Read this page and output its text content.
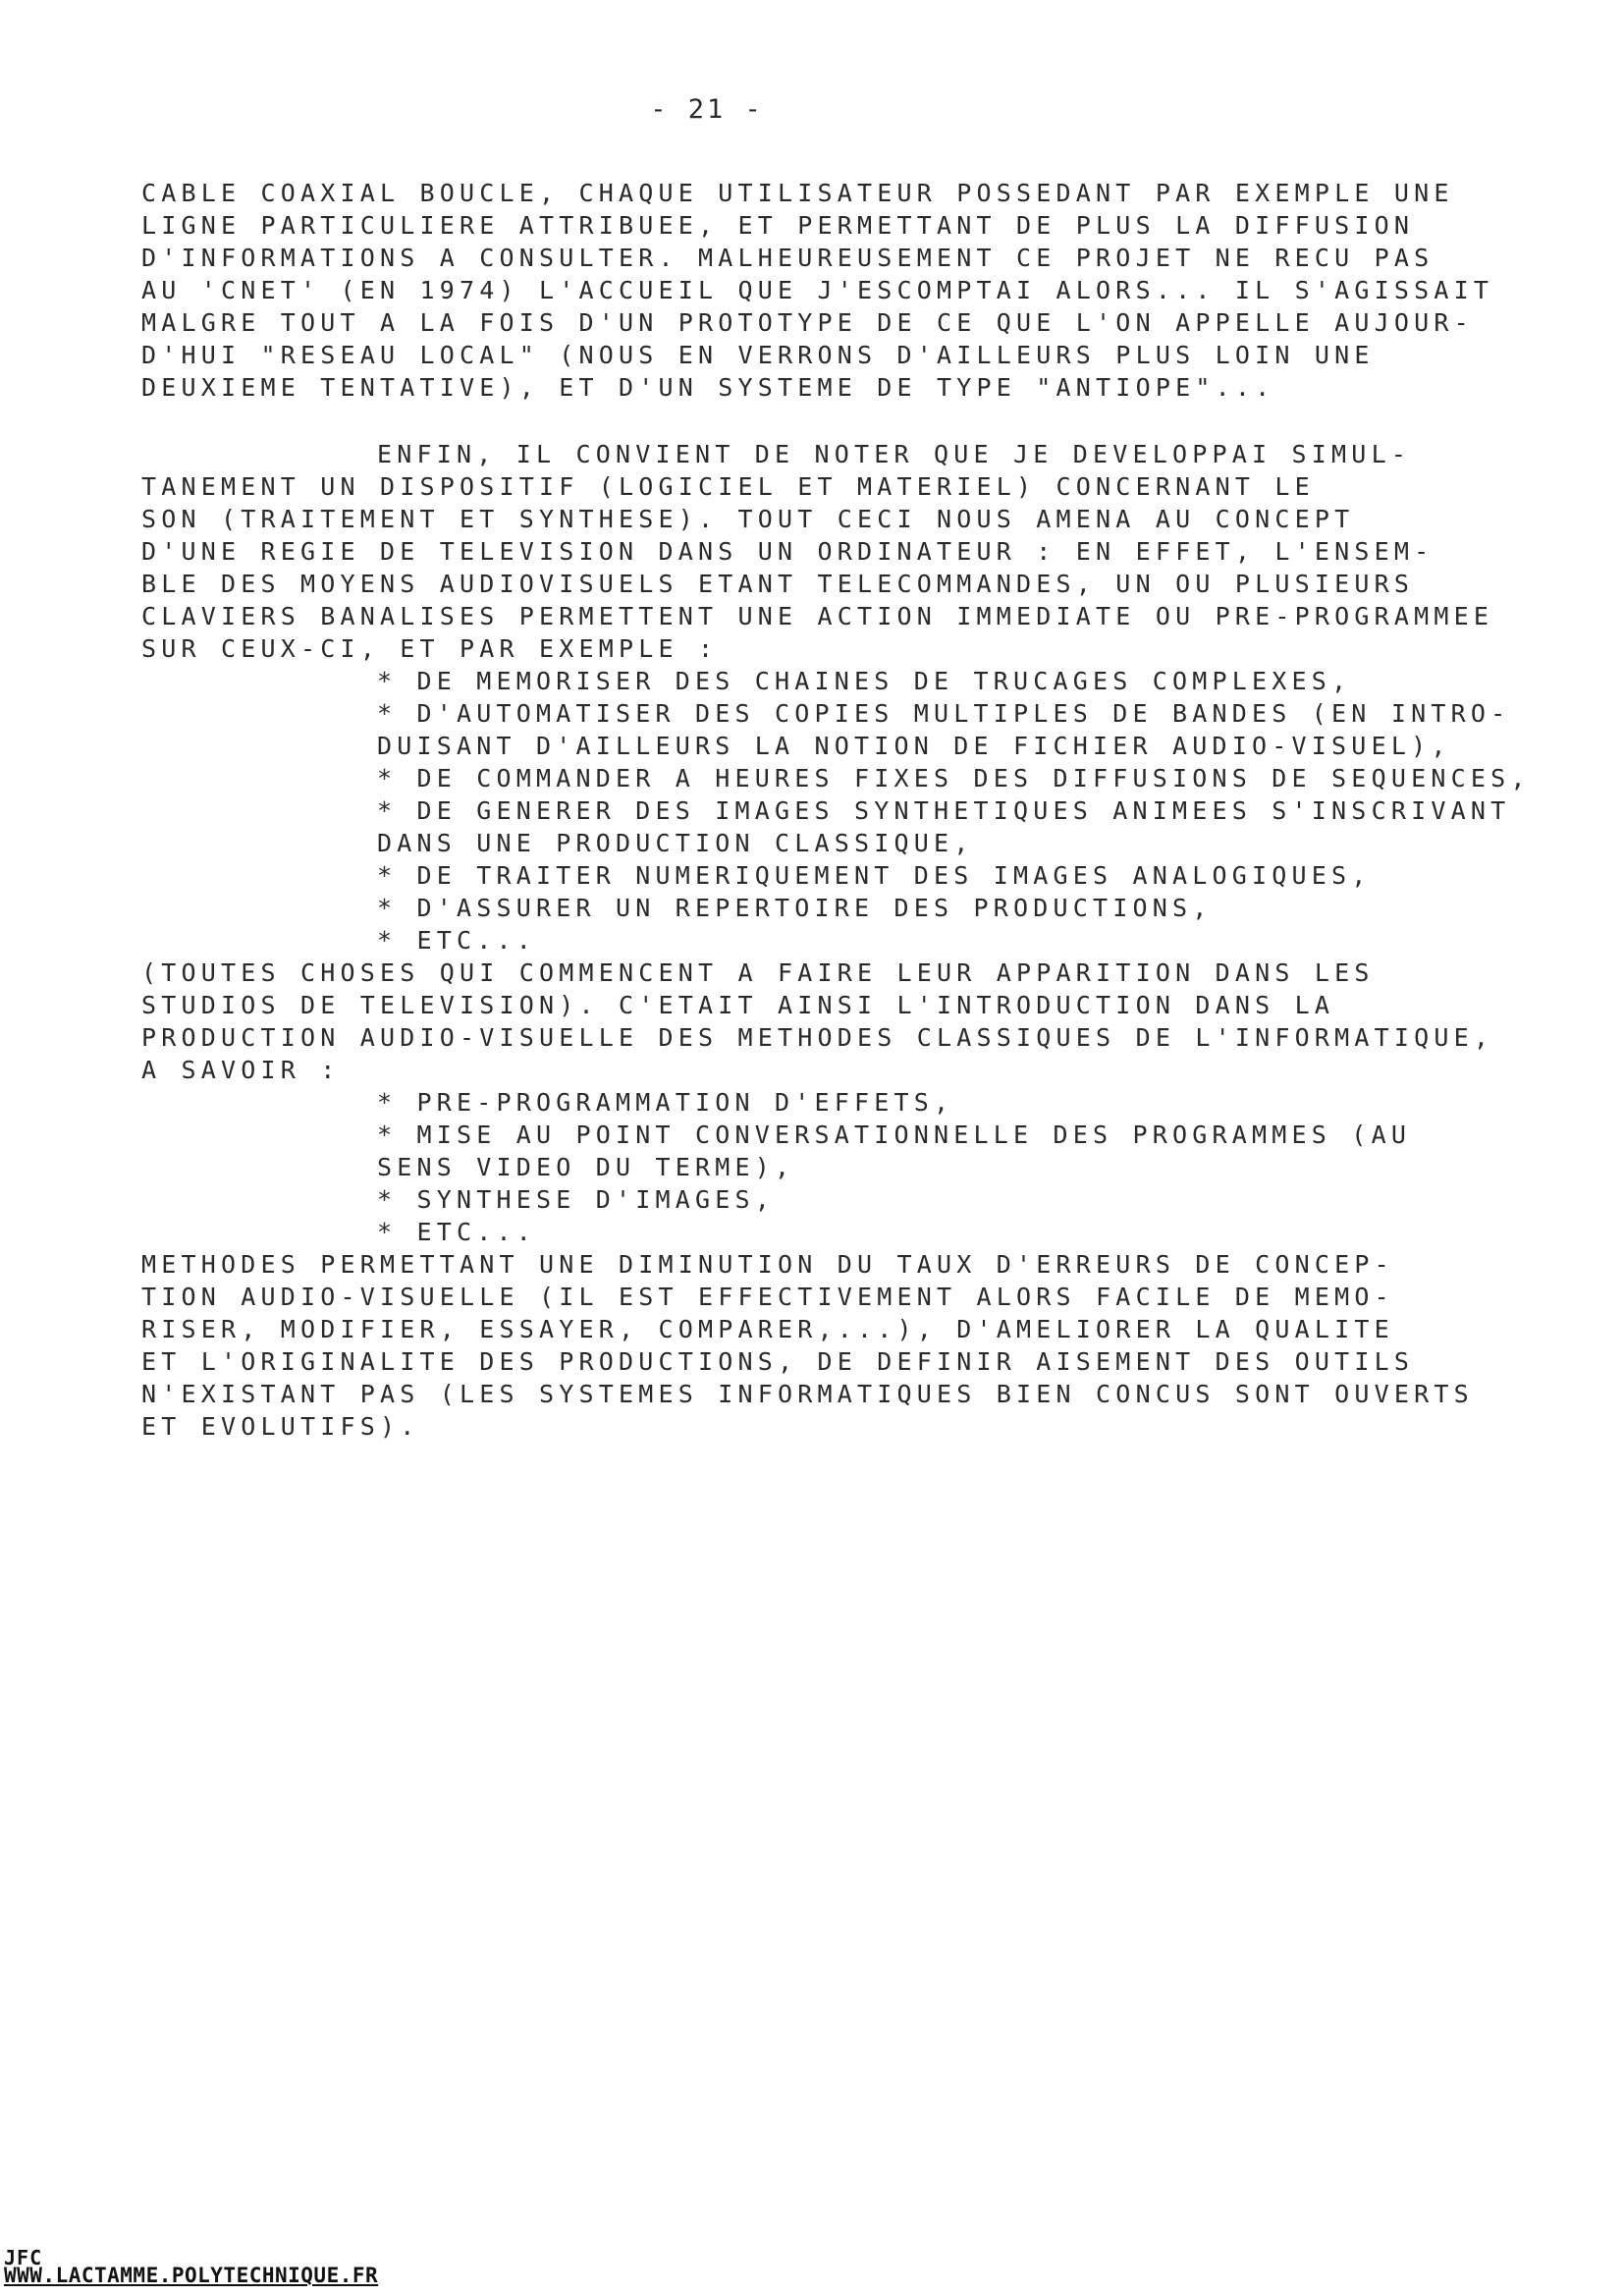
- 21 -
CABLE COAXIAL BOUCLE, CHAQUE UTILISATEUR POSSEDANT PAR EXEMPLE UNE
LIGNE PARTICULIERE ATTRIBUEE, ET PERMETTANT DE PLUS LA DIFFUSION
D'INFORMATIONS A CONSULTER. MALHEUREUSEMENT CE PROJET NE RECU PAS
AU 'CNET' (EN 1974) L'ACCUEIL QUE J'ESCOMPTAI ALORS... IL S'AGISSAIT
MALGRE TOUT A LA FOIS D'UN PROTOTYPE DE CE QUE L'ON APPELLE AUJOUR-
D'HUI "RESEAU LOCAL" (NOUS EN VERRONS D'AILLEURS PLUS LOIN UNE
DEUXIEME TENTATIVE), ET D'UN SYSTEME DE TYPE "ANTIOPE"...
ENFIN, IL CONVIENT DE NOTER QUE JE DEVELOPPAI SIMUL-
TANEMENT UN DISPOSITIF (LOGICIEL ET MATERIEL) CONCERNANT LE
SON (TRAITEMENT ET SYNTHESE). TOUT CECI NOUS AMENA AU CONCEPT
D'UNE REGIE DE TELEVISION DANS UN ORDINATEUR : EN EFFET, L'ENSEM-
BLE DES MOYENS AUDIOVISUELS ETANT TELECOMMANDES, UN OU PLUSIEURS
CLAVIERS BANALISES PERMETTENT UNE ACTION IMMEDIATE OU PRE-PROGRAMMEE
SUR CEUX-CI, ET PAR EXEMPLE :
* DE MEMORISER DES CHAINES DE TRUCAGES COMPLEXES,
* D'AUTOMATISER DES COPIES MULTIPLES DE BANDES (EN INTRO-
DUISANT D'AILLEURS LA NOTION DE FICHIER AUDIO-VISUEL),
* DE COMMANDER A HEURES FIXES DES DIFFUSIONS DE SEQUENCES,
* DE GENERER DES IMAGES SYNTHETIQUES ANIMEES S'INSCRIVANT
DANS UNE PRODUCTION CLASSIQUE,
* DE TRAITER NUMERIQUEMENT DES IMAGES ANALOGIQUES,
* D'ASSURER UN REPERTOIRE DES PRODUCTIONS,
* ETC...
(TOUTES CHOSES QUI COMMENCENT A FAIRE LEUR APPARITION DANS LES
STUDIOS DE TELEVISION). C'ETAIT AINSI L'INTRODUCTION DANS LA
PRODUCTION AUDIO-VISUELLE DES METHODES CLASSIQUES DE L'INFORMATIQUE,
A SAVOIR :
* PRE-PROGRAMMATION D'EFFETS,
* MISE AU POINT CONVERSATIONNELLE DES PROGRAMMES (AU
SENS VIDEO DU TERME),
* SYNTHESE D'IMAGES,
* ETC...
METHODES PERMETTANT UNE DIMINUTION DU TAUX D'ERREURS DE CONCEP-
TION AUDIO-VISUELLE (IL EST EFFECTIVEMENT ALORS FACILE DE MEMO-
RISER, MODIFIER, ESSAYER, COMPARER,...), D'AMELIORER LA QUALITE
ET L'ORIGINALITE DES PRODUCTIONS, DE DEFINIR AISEMENT DES OUTILS
N'EXISTANT PAS (LES SYSTEMES INFORMATIQUES BIEN CONCUS SONT OUVERTS
ET EVOLUTIFS).
JFC
WWW.LACTAMME.POLYTECHNIQUE.FR
